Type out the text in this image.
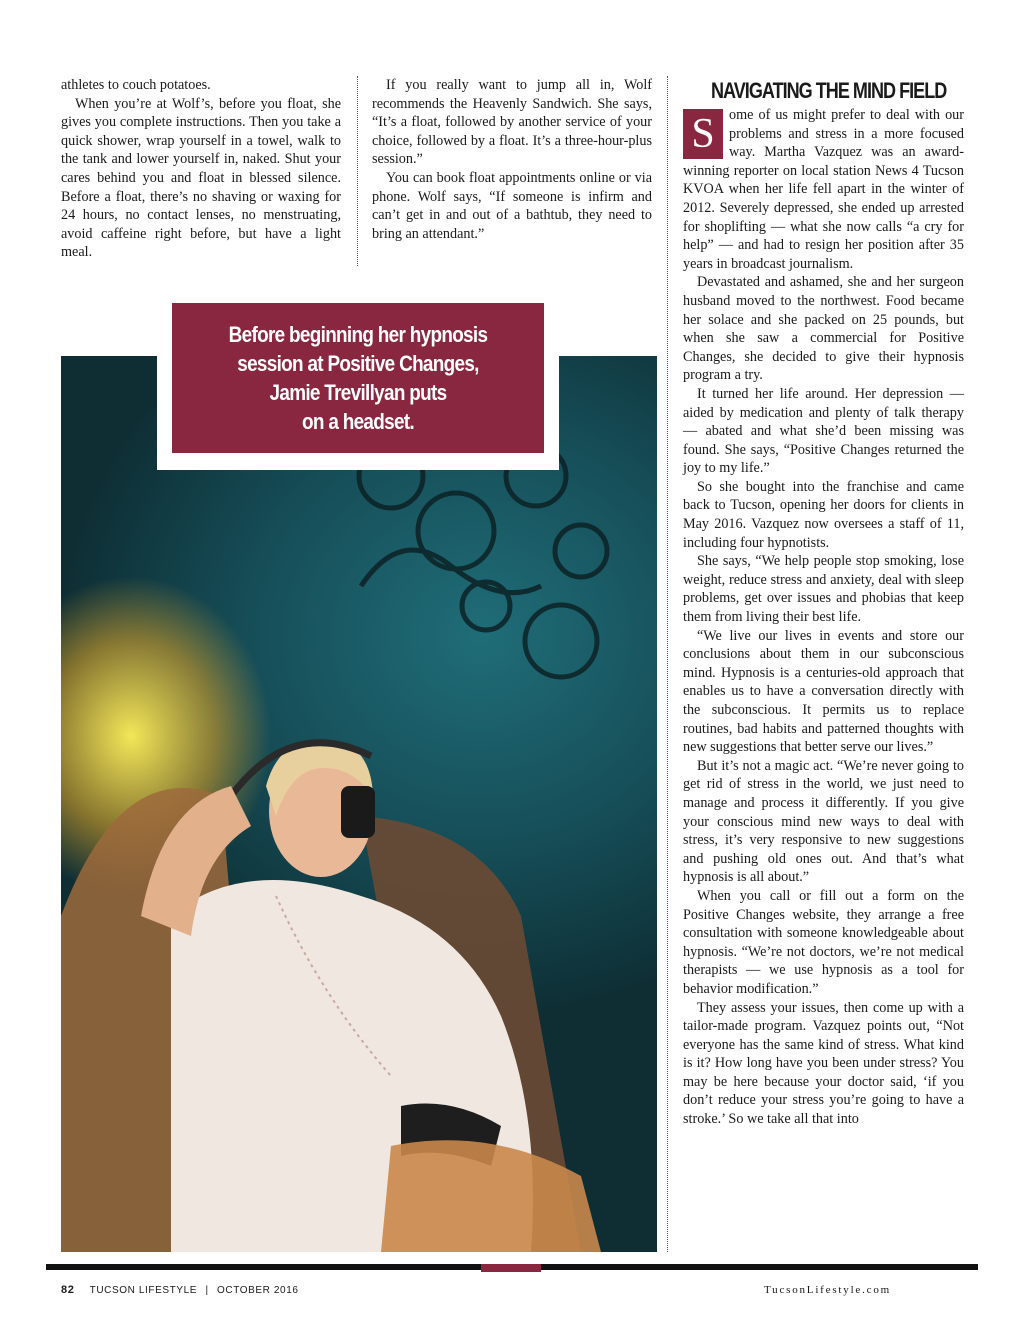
athletes to couch potatoes.

When you’re at Wolf’s, before you float, she gives you complete instructions. Then you take a quick shower, wrap yourself in a towel, walk to the tank and lower yourself in, naked. Shut your cares behind you and float in blessed silence. Before a float, there’s no shaving or waxing for 24 hours, no contact lenses, no menstruating, avoid caffeine right before, but have a light meal.

If you really want to jump all in, Wolf recommends the Heavenly Sandwich. She says, “It’s a float, followed by another service of your choice, followed by a float. It’s a three-hour-plus session.”

You can book float appointments online or via phone. Wolf says, “If someone is infirm and can’t get in and out of a bathtub, they need to bring an attendant.”

NAVIGATING THE MIND FIELD

S	ome of us might prefer to deal with our problems and stress in a more focused way. Martha Vazquez was an award-winning reporter on local station News 4 Tucson KVOA when her life fell apart in the winter of 2012. Severely depressed, she ended up arrested for shoplifting — what she now calls “a cry for help” — and had to resign her position after 35 years in broadcast journalism.

Devastated and ashamed, she and her surgeon husband moved to the northwest. Food became her solace and she packed on 25 pounds, but when she saw a commercial for Positive Changes, she decided to give their hypnosis program a try.

It turned her life around. Her depression — aided by medication and plenty of talk therapy — abated and what she’d been missing was found. She says, “Positive Changes returned the joy to my life.”

So she bought into the franchise and came back to Tucson, opening her doors for clients in May 2016. Vazquez now oversees a staff of 11, including four hypnotists.

She says, “We help people stop smoking, lose weight, reduce stress and anxiety, deal with sleep problems, get over issues and phobias that keep them from living their best life.

“We live our lives in events and store our conclusions about them in our subconscious mind. Hypnosis is a centuries-old approach that enables us to have a conversation directly with the subconscious. It permits us to replace routines, bad habits and patterned thoughts with new suggestions that better serve our lives.”

But it’s not a magic act. “We’re never going to get rid of stress in the world, we just need to manage and process it differently. If you give your conscious mind new ways to deal with stress, it’s very responsive to new suggestions and pushing old ones out. And that’s what hypnosis is all about.”

When you call or fill out a form on the Positive Changes website, they arrange a free consultation with someone knowledgeable about hypnosis. “We’re not doctors, we’re not medical therapists — we use hypnosis as a tool for behavior modification.”

They assess your issues, then come up with a tailor-made program. Vazquez points out, “Not everyone has the same kind of stress. What kind is it? How long have you been under stress? You may be here because your doctor said, ‘if you don’t reduce your stress you’re going to have a stroke.’ So we take all that into

Before beginning her hypnosis
session at Positive Changes,
Jamie Trevillyan puts
on a headset.
82 TUCSON LIFESTYLE | OCTOBER 2016	TucsonLifestyle.com
